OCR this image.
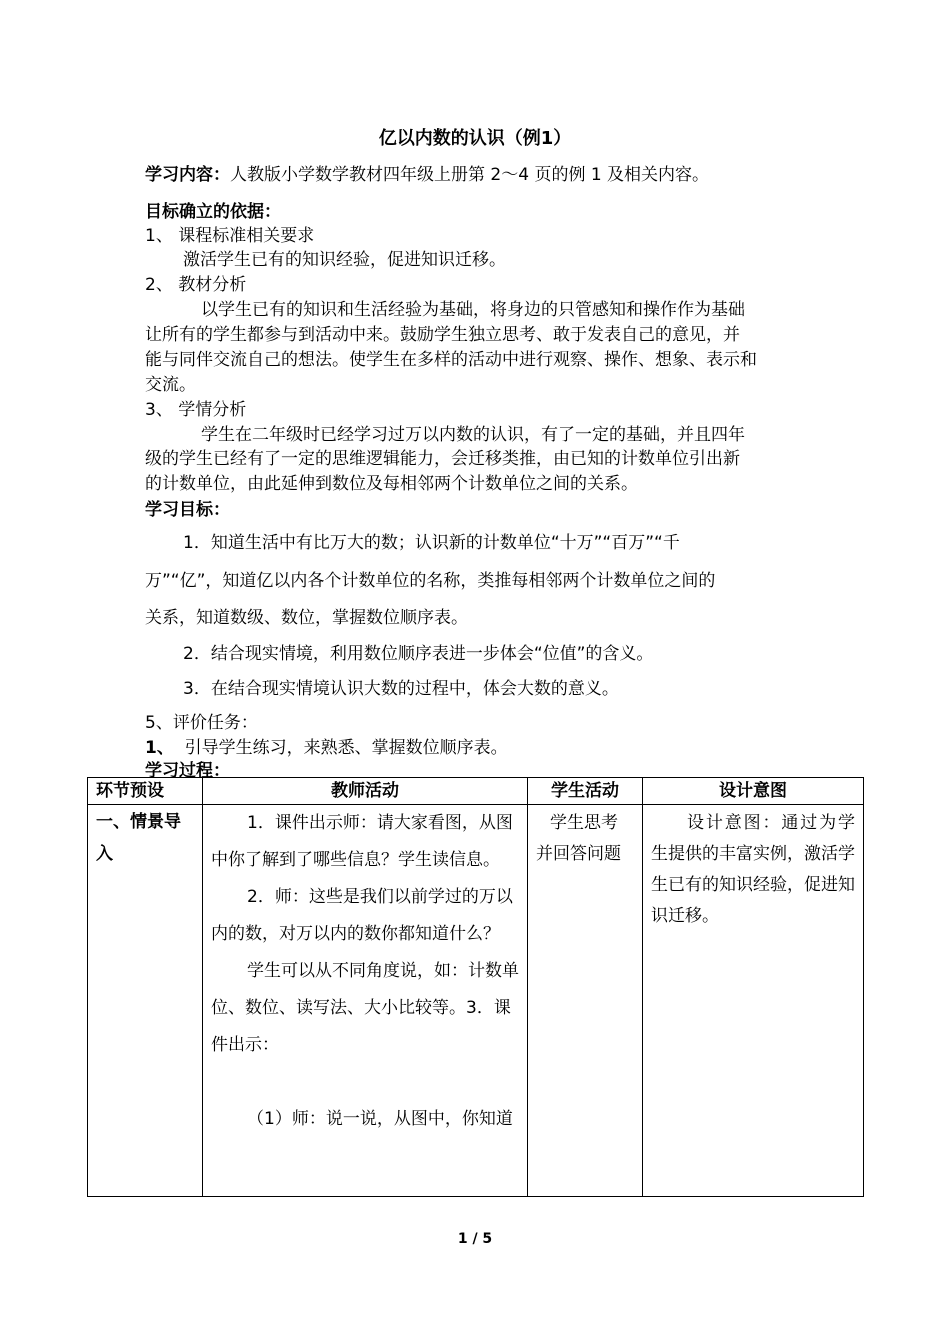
亿以内数的认识（例1）
学习内容：人教版小学数学教材四年级上册第 2～4 页的例 1 及相关内容。
目标确立的依据：
1、 课程标准相关要求
激活学生已有的知识经验，促进知识迁移。
2、 教材分析
以学生已有的知识和生活经验为基础，将身边的只管感知和操作作为基础
让所有的学生都参与到活动中来。鼓励学生独立思考、敢于发表自己的意见，并
能与同伴交流自己的想法。使学生在多样的活动中进行观察、操作、想象、表示和
交流。
3、 学情分析
学生在二年级时已经学习过万以内数的认识，有了一定的基础，并且四年
级的学生已经有了一定的思维逻辑能力，会迁移类推，由已知的计数单位引出新
的计数单位，由此延伸到数位及每相邻两个计数单位之间的关系。
学习目标：
1．知道生活中有比万大的数；认识新的计数单位“十万”“百万”“千
万”“亿”，知道亿以内各个计数单位的名称，类推每相邻两个计数单位之间的
关系，知道数级、数位，掌握数位顺序表。
2．结合现实情境，利用数位顺序表进一步体会“位值”的含义。
3．在结合现实情境认识大数的过程中，体会大数的意义。
5、评价任务：
1、 引导学生练习，来熟悉、掌握数位顺序表。
学习过程：
环节预设	教师活动	学生活动	设计意图
一、情景导入	1．课件出示师：请大家看图，从图中你了解到了哪些信息？学生读信息。

2．师：这些是我们以前学过的万以内的数，对万以内的数你都知道什么？

学生可以从不同角度说，如：计数单位、数位、读写法、大小比较等。3．课件出示：

（1）师：说一说，从图中，你知道	学生思考并回答问题	设计意图：通过为学生提供的丰富实例，激活学生已有的知识经验，促进知识迁移。
1 / 5
